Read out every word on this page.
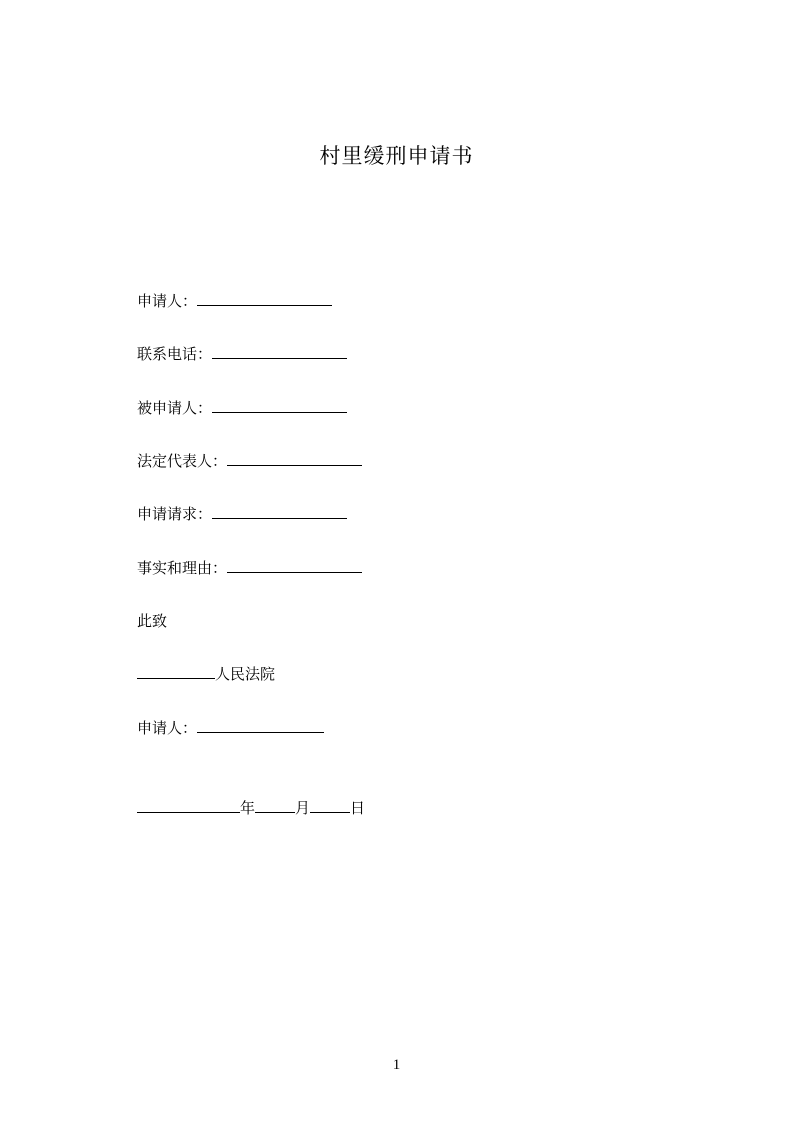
村里缓刑申请书
申请人：
联系电话：
被申请人：
法定代表人：
申请请求：
事实和理由：
此致
人民法院
申请人：
年	月	日
1
